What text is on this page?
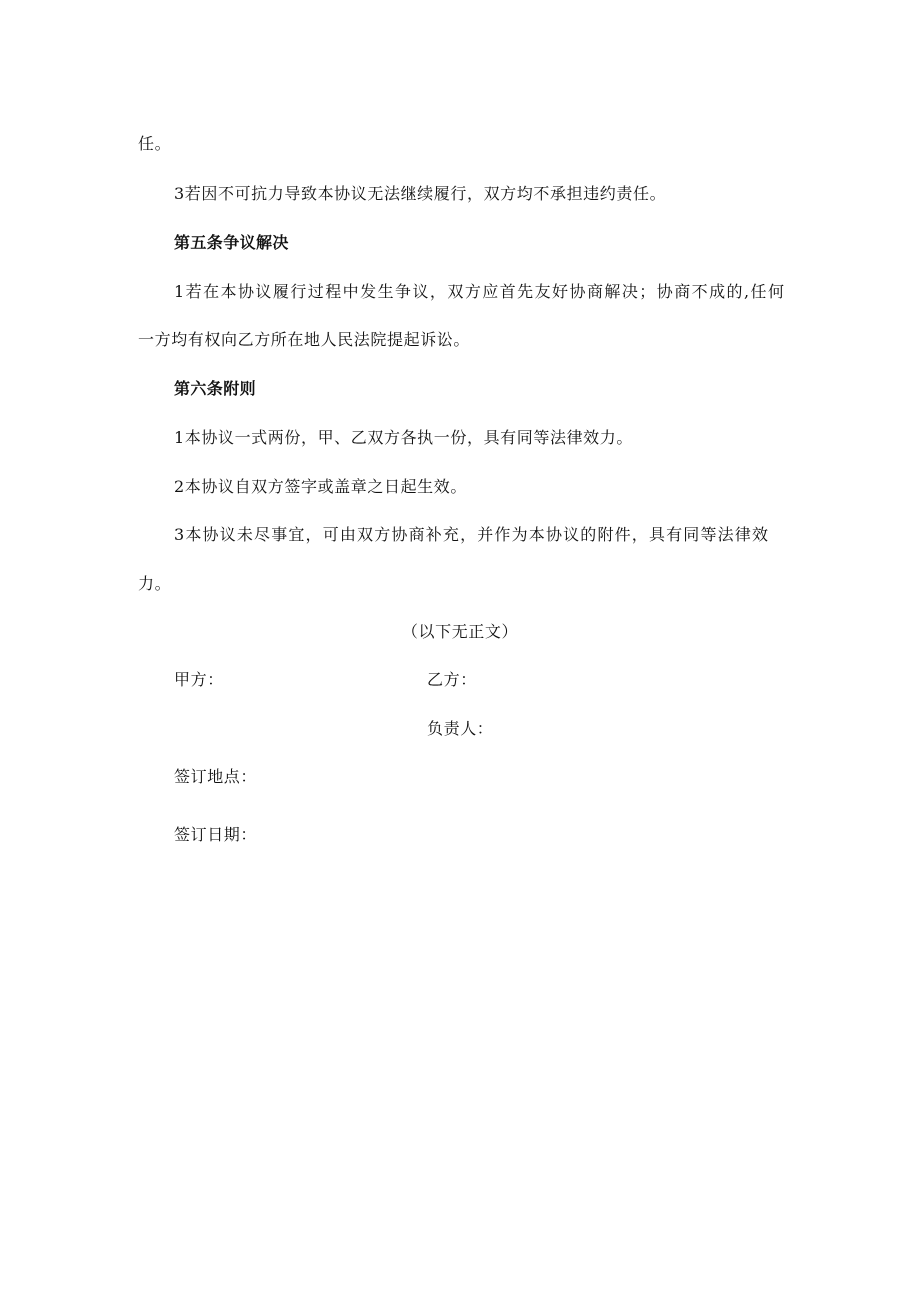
任。
3若因不可抗力导致本协议无法继续履行，双方均不承担违约责任。
第五条争议解决
1若在本协议履行过程中发生争议，双方应首先友好协商解决；协商不成的,任何
一方均有权向乙方所在地人民法院提起诉讼。
第六条附则
1本协议一式两份，甲、乙双方各执一份，具有同等法律效力。
2本协议自双方签字或盖章之日起生效。
3本协议未尽事宜，可由双方协商补充，并作为本协议的附件，具有同等法律效
力。
（以下无正文）
甲方：	乙方：
负责人：
签订地点：
签订日期：
